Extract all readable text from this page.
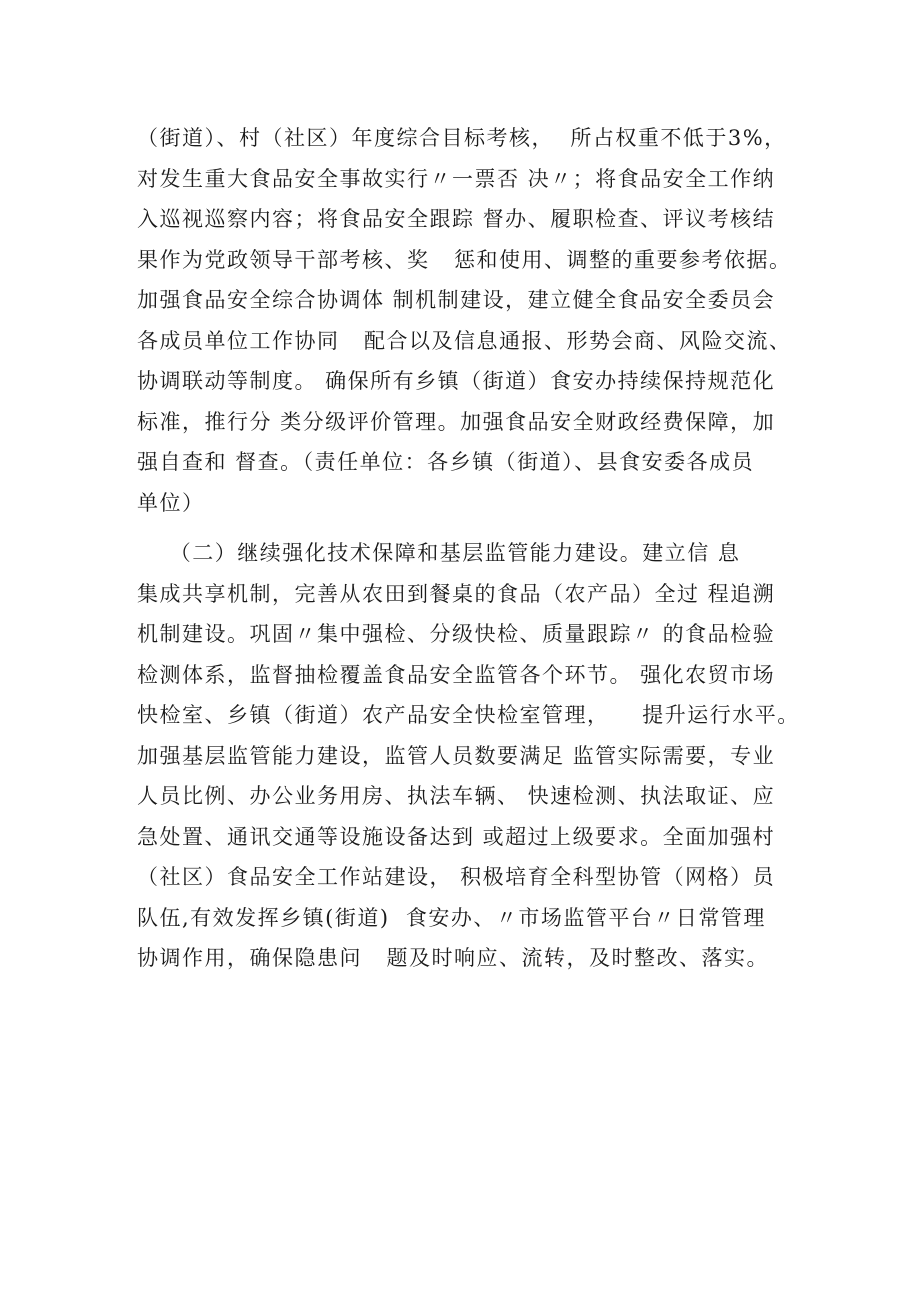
（街道）、村（社区）年度综合目标考核，  所占权重不低于3%，
对发生重大食品安全事故实行〃一票否 决〃；将食品安全工作纳
入巡视巡察内容；将食品安全跟踪 督办、履职检查、评议考核结
果作为党政领导干部考核、奖   惩和使用、调整的重要参考依据。
加强食品安全综合协调体 制机制建设，建立健全食品安全委员会
各成员单位工作协同   配合以及信息通报、形势会商、风险交流、
协调联动等制度。 确保所有乡镇（街道）食安办持续保持规范化
标准，推行分 类分级评价管理。加强食品安全财政经费保障，加
强自查和 督查。（责任单位：各乡镇（街道）、县食安委各成员
单位）
（二）继续强化技术保障和基层监管能力建设。建立信 息
集成共享机制，完善从农田到餐桌的食品（农产品）全过 程追溯
机制建设。巩固〃集中强检、分级快检、质量跟踪〃 的食品检验
检测体系，监督抽检覆盖食品安全监管各个环节。 强化农贸市场
快检室、乡镇（街道）农产品安全快检室管理，    提升运行水平。
加强基层监管能力建设，监管人员数要满足 监管实际需要，专业
人员比例、办公业务用房、执法车辆、 快速检测、执法取证、应
急处置、通讯交通等设施设备达到 或超过上级要求。全面加强村
（社区）食品安全工作站建设， 积极培育全科型协管（网格）员
队伍,有效发挥乡镇(街道)  食安办、〃市场监管平台〃日常管理
协调作用，确保隐患问   题及时响应、流转，及时整改、落实。
